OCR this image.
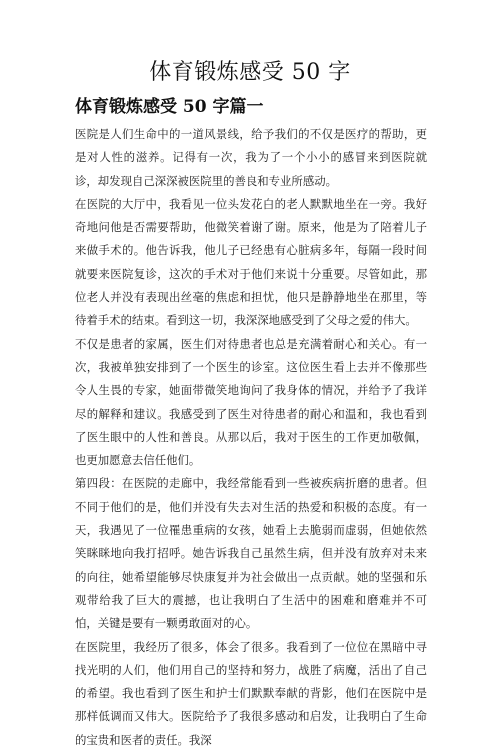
体育锻炼感受 50 字
体育锻炼感受 50 字篇一

医院是人们生命中的一道风景线，给予我们的不仅是医疗的帮助，更是对人性的滋养。记得有一次，我为了一个小小的感冒来到医院就诊，却发现自己深深被医院里的善良和专业所感动。

在医院的大厅中，我看见一位头发花白的老人默默地坐在一旁。我好奇地问他是否需要帮助，他微笑着谢了谢。原来，他是为了陪着儿子来做手术的。他告诉我，他儿子已经患有心脏病多年，每隔一段时间就要来医院复诊，这次的手术对于他们来说十分重要。尽管如此，那位老人并没有表现出丝毫的焦虑和担忧，他只是静静地坐在那里，等待着手术的结束。看到这一切，我深深地感受到了父母之爱的伟大。

不仅是患者的家属，医生们对待患者也总是充满着耐心和关心。有一次，我被单独安排到了一个医生的诊室。这位医生看上去并不像那些令人生畏的专家，她面带微笑地询问了我身体的情况，并给予了我详尽的解释和建议。我感受到了医生对待患者的耐心和温和，我也看到了医生眼中的人性和善良。从那以后，我对于医生的工作更加敬佩，也更加愿意去信任他们。

第四段：在医院的走廊中，我经常能看到一些被疾病折磨的患者。但不同于他们的是，他们并没有失去对生活的热爱和积极的态度。有一天，我遇见了一位罹患重病的女孩，她看上去脆弱而虚弱，但她依然笑眯眯地向我打招呼。她告诉我自己虽然生病，但并没有放弃对未来的向往，她希望能够尽快康复并为社会做出一点贡献。她的坚强和乐观带给我了巨大的震撼，也让我明白了生活中的困难和磨难并不可怕，关键是要有一颗勇敢面对的心。

在医院里，我经历了很多，体会了很多。我看到了一位位在黑暗中寻找光明的人们，他们用自己的坚持和努力，战胜了病魔，活出了自己的希望。我也看到了医生和护士们默默奉献的背影，他们在医院中是那样低调而又伟大。医院给予了我很多感动和启发，让我明白了生命的宝贵和医者的责任。我深
